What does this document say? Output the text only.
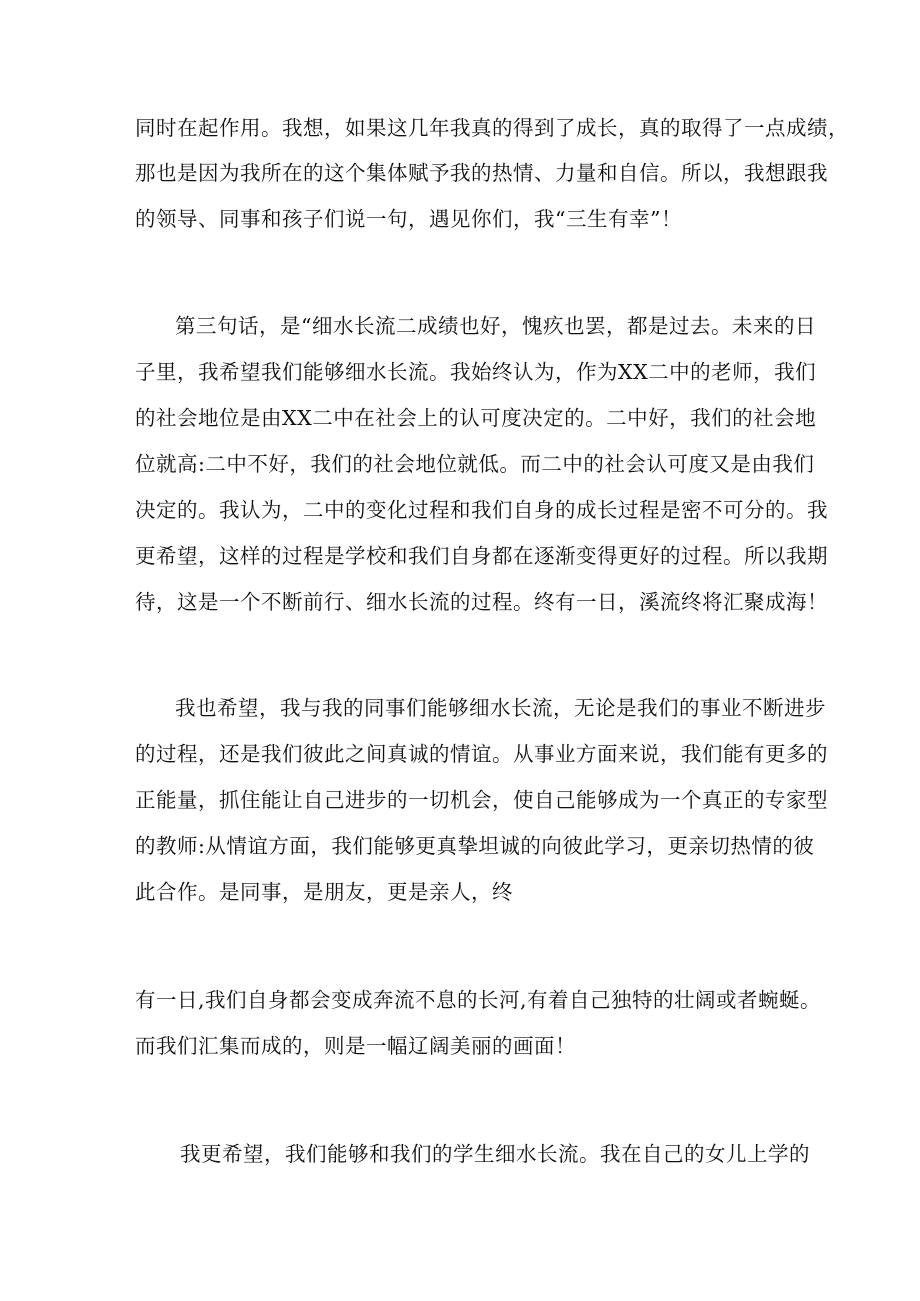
同时在起作用。我想，如果这几年我真的得到了成长，真的取得了一点成绩，
那也是因为我所在的这个集体赋予我的热情、力量和自信。所以，我想跟我
的领导、同事和孩子们说一句，遇见你们，我“三生有幸”！
第三句话，是“细水长流二成绩也好，愧疚也罢，都是过去。未来的日
子里，我希望我们能够细水长流。我始终认为，作为XX二中的老师，我们
的社会地位是由XX二中在社会上的认可度决定的。二中好，我们的社会地
位就高:二中不好，我们的社会地位就低。而二中的社会认可度又是由我们
决定的。我认为，二中的变化过程和我们自身的成长过程是密不可分的。我
更希望，这样的过程是学校和我们自身都在逐渐变得更好的过程。所以我期
待，这是一个不断前行、细水长流的过程。终有一日，溪流终将汇聚成海！
我也希望，我与我的同事们能够细水长流，无论是我们的事业不断进步
的过程，还是我们彼此之间真诚的情谊。从事业方面来说，我们能有更多的
正能量，抓住能让自己进步的一切机会，使自己能够成为一个真正的专家型
的教师:从情谊方面，我们能够更真挚坦诚的向彼此学习，更亲切热情的彼
此合作。是同事，是朋友，更是亲人，终
有一日,我们自身都会变成奔流不息的长河,有着自己独特的壮阔或者蜿蜒。
而我们汇集而成的，则是一幅辽阔美丽的画面！
我更希望，我们能够和我们的学生细水长流。我在自己的女儿上学的
